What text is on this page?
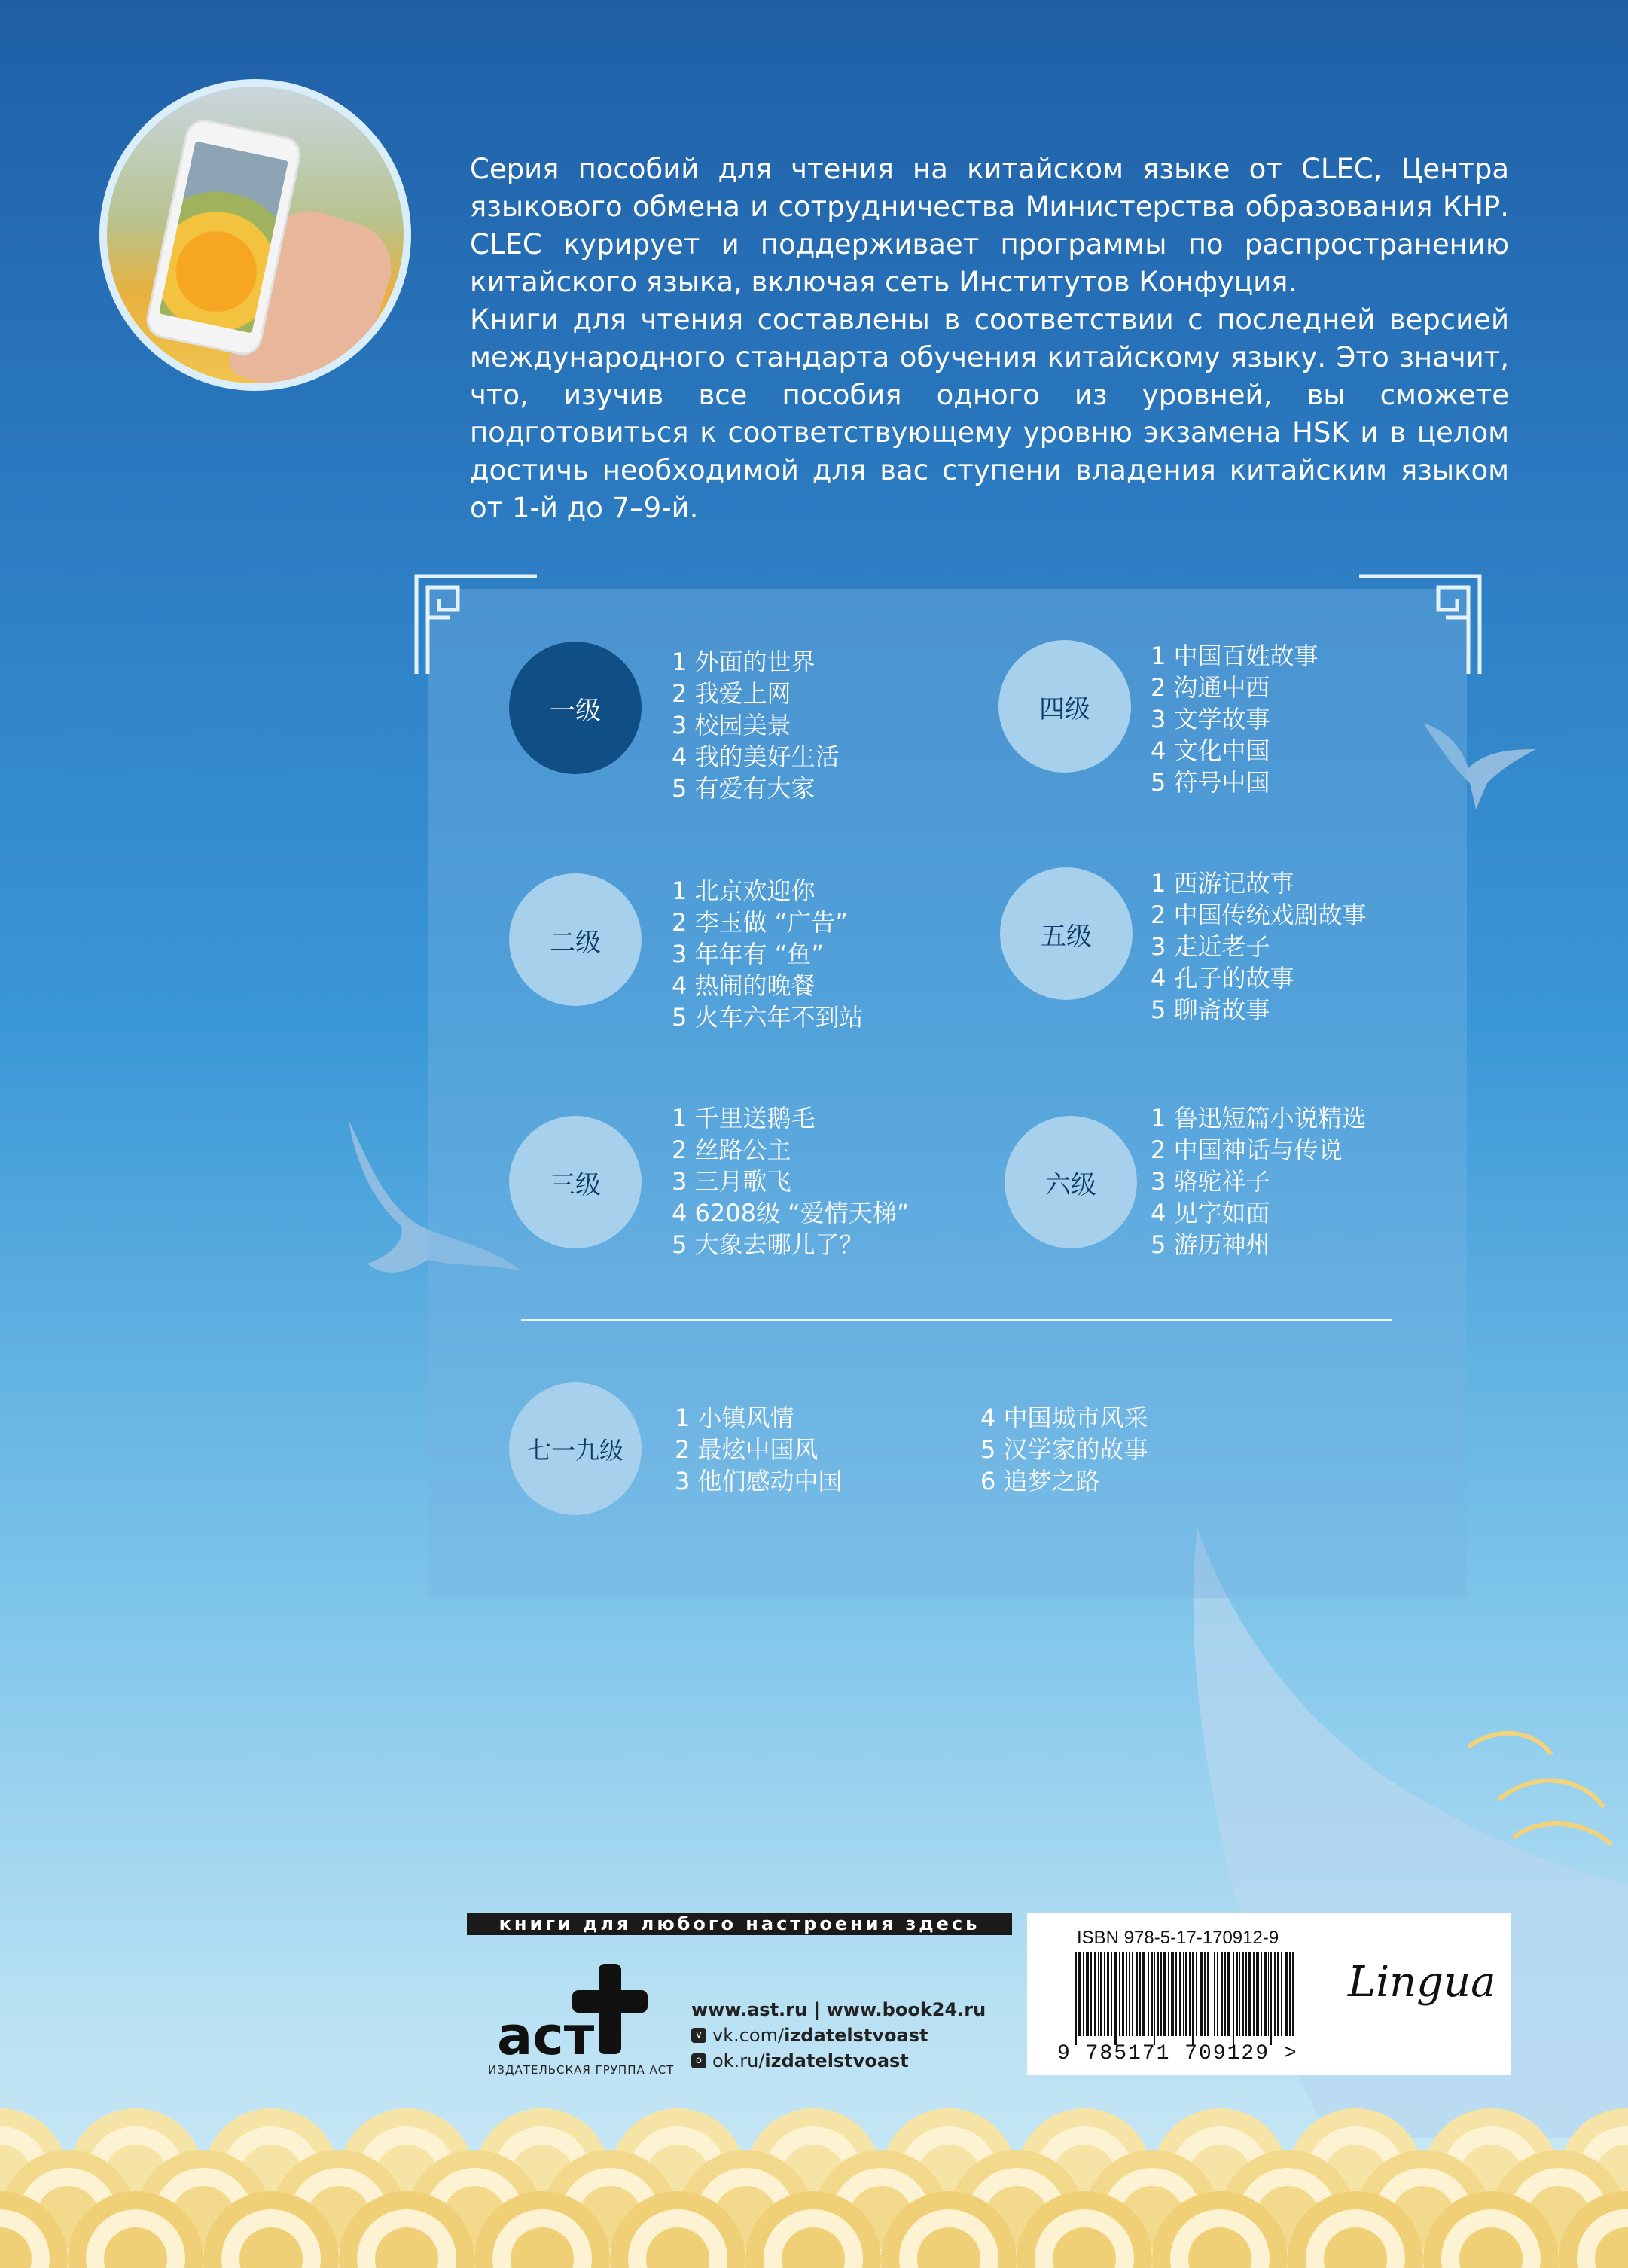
Серия пособий для чтения на китайском языке от CLEC, Центра языкового обмена и сотрудничества Министерства образования КНР. CLEC курирует и поддерживает программы по распространению китайского языка, включая сеть Институтов Конфуция.

Книги для чтения составлены в соответствии с последней версией международного стандарта обучения китайскому языку. Это значит, что, изучив все пособия одного из уровней, вы сможете подготовиться к соответствующему уровню экзамена HSK и в целом достичь необходимой для вас ступени владения китайским языком от 1-й до 7–9-й.

一级
1 外面的世界
2 我爱上网
3 校园美景
4 我的美好生活
5 有爱有大家
四级
1 中国百姓故事
2 沟通中西
3 文学故事
4 文化中国
5 符号中国
二级
1 北京欢迎你
2 李玉做 “广告”
3 年年有 “鱼”
4 热闹的晚餐
5 火车六年不到站
五级
1 西游记故事
2 中国传统戏剧故事
3 走近老子
4 孔子的故事
5 聊斋故事
三级
1 千里送鹅毛
2 丝路公主
3 三月歌飞
4 6208级 “爱情天梯”
5 大象去哪儿了？
六级
1 鲁迅短篇小说精选
2 中国神话与传说
3 骆驼祥子
4 见字如面
5 游历神州
七一九级
1 小镇风情
2 最炫中国风
3 他们感动中国
4 中国城市风采
5 汉学家的故事
6 追梦之路
книги для любого настроения здесь
аст
ИЗДАТЕЛЬСКАЯ ГРУППА АСТ
www.ast.ru | www.book24.ru
v vk.com/izdatelstvoast
o ok.ru/izdatelstvoast
ISBN 978-5-17-170912-9
9 785171 709129 >
Lingua
